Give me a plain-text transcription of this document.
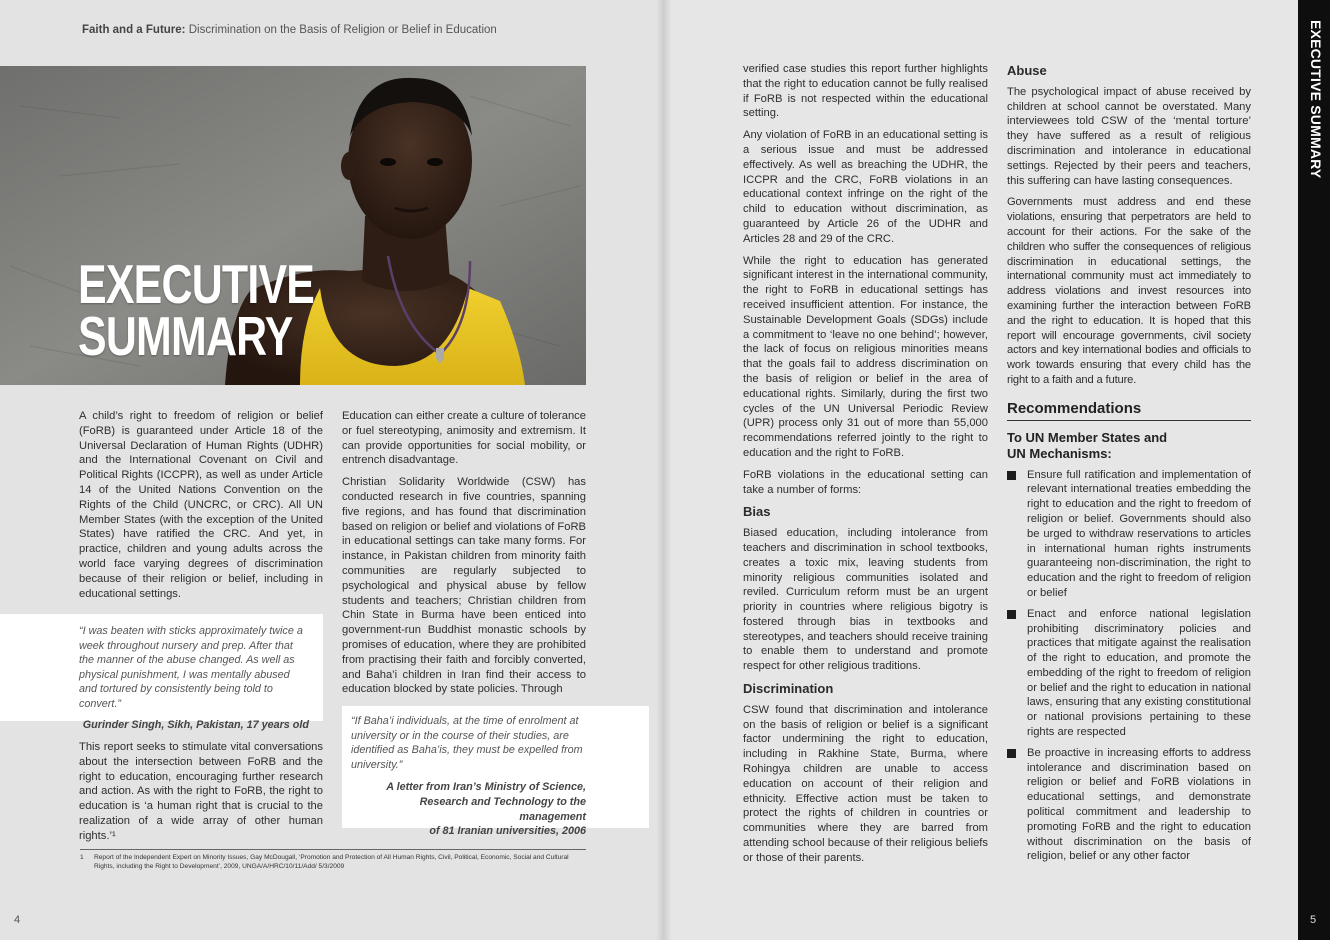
Faith and a Future: Discrimination on the Basis of Religion or Belief in Education
EXECUTIVE
SUMMARY

A child’s right to freedom of religion or belief (FoRB) is guaranteed under Article 18 of the Universal Declaration of Human Rights (UDHR) and the International Covenant on Civil and Political Rights (ICCPR), as well as under Article 14 of the United Nations Convention on the Rights of the Child (UNCRC, or CRC). All UN Member States (with the exception of the United States) have ratified the CRC. And yet, in practice, children and young adults across the world face varying degrees of discrimination because of their religion or belief, including in educational settings.

“I was beaten with sticks approximately twice a week throughout nursery and prep. After that the manner of the abuse changed. As well as physical punishment, I was mentally abused and tortured by consistently being told to convert.”
Gurinder Singh, Sikh, Pakistan, 17 years old

This report seeks to stimulate vital conversations about the intersection between FoRB and the right to education, encouraging further research and action. As with the right to FoRB, the right to education is ‘a human right that is crucial to the realization of a wide array of other human rights.’¹

Education can either create a culture of tolerance or fuel stereotyping, animosity and extremism. It can provide opportunities for social mobility, or entrench disadvantage.

Christian Solidarity Worldwide (CSW) has conducted research in five countries, spanning five regions, and has found that discrimination based on religion or belief and violations of FoRB in educational settings can take many forms. For instance, in Pakistan children from minority faith communities are regularly subjected to psychological and physical abuse by fellow students and teachers; Christian children from Chin State in Burma have been enticed into government-run Buddhist monastic schools by promises of education, where they are prohibited from practising their faith and forcibly converted, and Baha’i children in Iran find their access to education blocked by state policies. Through

“If Baha’i individuals, at the time of enrolment at university or in the course of their studies, are identified as Baha’is, they must be expelled from university.”
A letter from Iran’s Ministry of Science,
Research and Technology to the management
of 81 Iranian universities, 2006
1	Report of the Independent Expert on Minority Issues, Gay McDougall, ‘Promotion and Protection of All Human Rights, Civil, Political, Economic, Social and Cultural Rights, including the Right to Development’, 2009, UNGA/A/HRC/10/11/Add/ 5/3/2009
4

verified case studies this report further highlights that the right to education cannot be fully realised if FoRB is not respected within the educational setting.

Any violation of FoRB in an educational setting is a serious issue and must be addressed effectively. As well as breaching the UDHR, the ICCPR and the CRC, FoRB violations in an educational context infringe on the right of the child to education without discrimination, as guaranteed by Article 26 of the UDHR and Articles 28 and 29 of the CRC.

While the right to education has generated significant interest in the international community, the right to FoRB in educational settings has received insufficient attention. For instance, the Sustainable Development Goals (SDGs) include a commitment to ‘leave no one behind’; however, the lack of focus on religious minorities means that the goals fail to address discrimination on the basis of religion or belief in the area of educational rights. Similarly, during the first two cycles of the UN Universal Periodic Review (UPR) process only 31 out of more than 55,000 recommendations referred jointly to the right to education and the right to FoRB.

FoRB violations in the educational setting can take a number of forms:

Bias

Biased education, including intolerance from teachers and discrimination in school textbooks, creates a toxic mix, leaving students from minority religious communities isolated and reviled. Curriculum reform must be an urgent priority in countries where religious bigotry is fostered through bias in textbooks and stereotypes, and teachers should receive training to enable them to understand and promote respect for other religious traditions.

Discrimination

CSW found that discrimination and intolerance on the basis of religion or belief is a significant factor undermining the right to education, including in Rakhine State, Burma, where Rohingya children are unable to access education on account of their religion and ethnicity. Effective action must be taken to protect the rights of children in countries or communities where they are barred from attending school because of their religious beliefs or those of their parents.

Abuse

The psychological impact of abuse received by children at school cannot be overstated. Many interviewees told CSW of the ‘mental torture’ they have suffered as a result of religious discrimination and intolerance in educational settings. Rejected by their peers and teachers, this suffering can have lasting consequences.

Governments must address and end these violations, ensuring that perpetrators are held to account for their actions. For the sake of the children who suffer the consequences of religious discrimination in educational settings, the international community must act immediately to address violations and invest resources into examining further the interaction between FoRB and the right to education. It is hoped that this report will encourage governments, civil society actors and key international bodies and officials to work towards ensuring that every child has the right to a faith and a future.

Recommendations
To UN Member States and
UN Mechanisms:
Ensure full ratification and implementation of relevant international treaties embedding the right to education and the right to freedom of religion or belief. Governments should also be urged to withdraw reservations to articles in international human rights instruments guaranteeing non-discrimination, the right to education and the right to freedom of religion or belief
Enact and enforce national legislation prohibiting discriminatory policies and practices that mitigate against the realisation of the right to education, and promote the embedding of the right to freedom of religion or belief and the right to education in national laws, ensuring that any existing constitutional or national provisions pertaining to these rights are respected
Be proactive in increasing efforts to address intolerance and discrimination based on religion or belief and FoRB violations in educational settings, and demonstrate political commitment and leadership to promoting FoRB and the right to education without discrimination on the basis of religion, belief or any other factor
EXECUTIVE SUMMARY
5
